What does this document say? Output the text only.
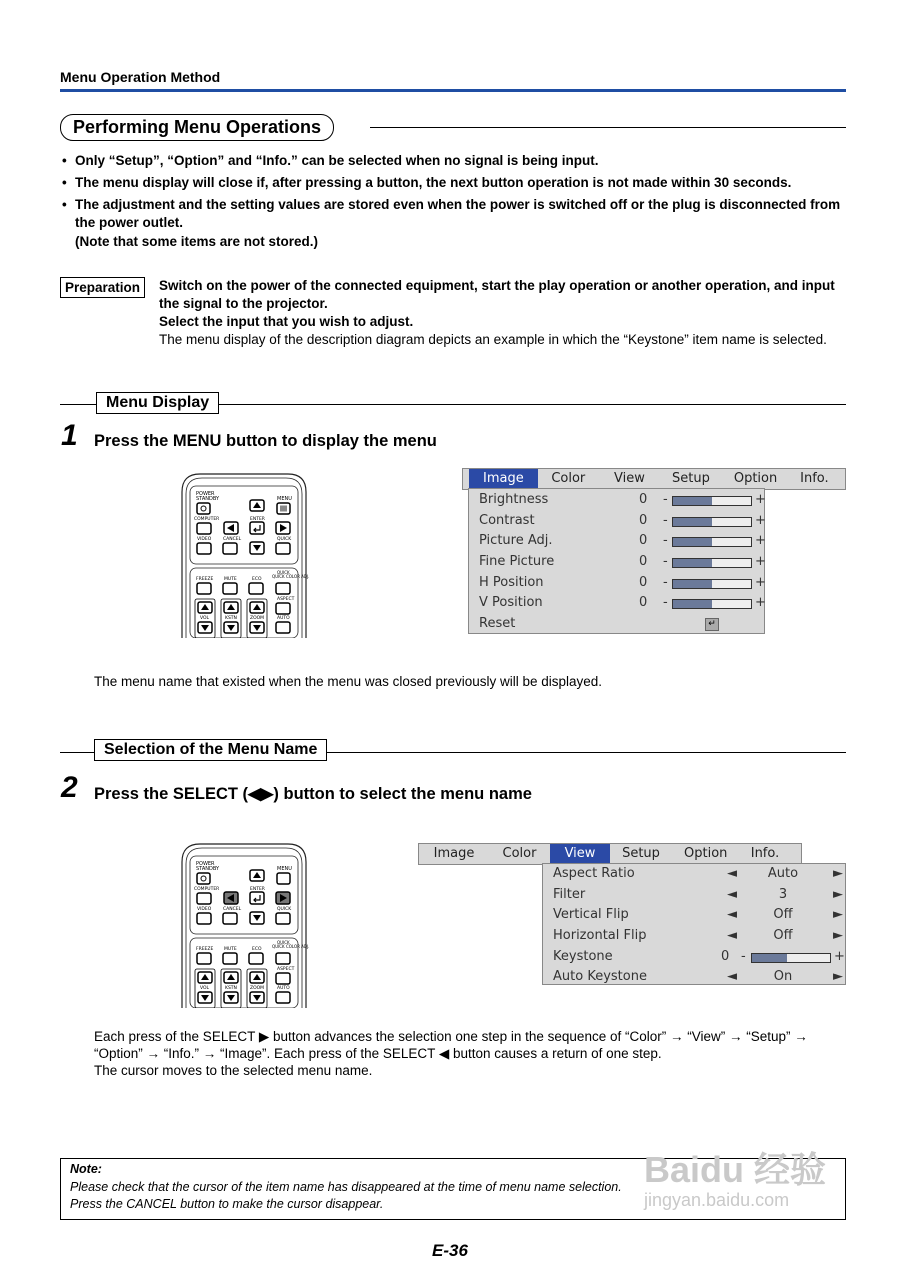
Menu Operation Method
Performing Menu Operations
• Only “Setup”, “Option” and “Info.” can be selected when no signal is being input.
• The menu display will close if, after pressing a button, the next button operation is not made within 30 seconds.
• The adjustment and the setting values are stored even when the power is switched off or the plug is disconnected from the power outlet.
(Note that some items are not stored.)
Preparation	Switch on the power of the connected equipment, start the play operation or another operation, and input the signal to the projector.
Select the input that you wish to adjust.
The menu display of the description diagram depicts an example in which the “Keystone” item name is selected.
Menu Display
1 Press the MENU button to display the menu
POWER
STANDBY	MENU
COMPUTER	ENTER
VIDEO	CANCEL	QUICK
QUICK
QUICK COLOR ADJ.
FREEZE MUTE	ECO
ASPECT
VOL	KSTN	ZOOM	AUTO
Image	Color	View	Setup	Option	Info.
Brightness	0 -	+
Contrast	0 -	+
Picture Adj.	0 -	+
Fine Picture	0 -	+
H Position	0 -	+
V Position	0 -	+
Reset	↵
The menu name that existed when the menu was closed previously will be displayed.
Selection of the Menu Name
2 Press the SELECT (◀▶) button to select the menu name
POWER
STANDBY	MENU
COMPUTER	ENTER
VIDEO	CANCEL	QUICK
QUICK
QUICK COLOR ADJ.
FREEZE MUTE	ECO
ASPECT
VOL	KSTN	ZOOM	AUTO
Image	Color	View	Setup	Option	Info.
Aspect Ratio	◄	Auto	►
Filter	◄	3	►
Vertical Flip	◄	Off	►
Horizontal Flip	◄	Off	►
Keystone	0 -	+
Auto Keystone	◄	On	►
Each press of the SELECT ▶ button advances the selection one step in the sequence of “Color” → “View” → “Setup” →
“Option” → “Info.” → “Image”. Each press of the SELECT ◀ button causes a return of one step.
The cursor moves to the selected menu name.
Note:
Please check that the cursor of the item name has disappeared at the time of menu name selection.
Press the CANCEL button to make the cursor disappear.
Baidu 经验
jingyan.baidu.com
E-36
